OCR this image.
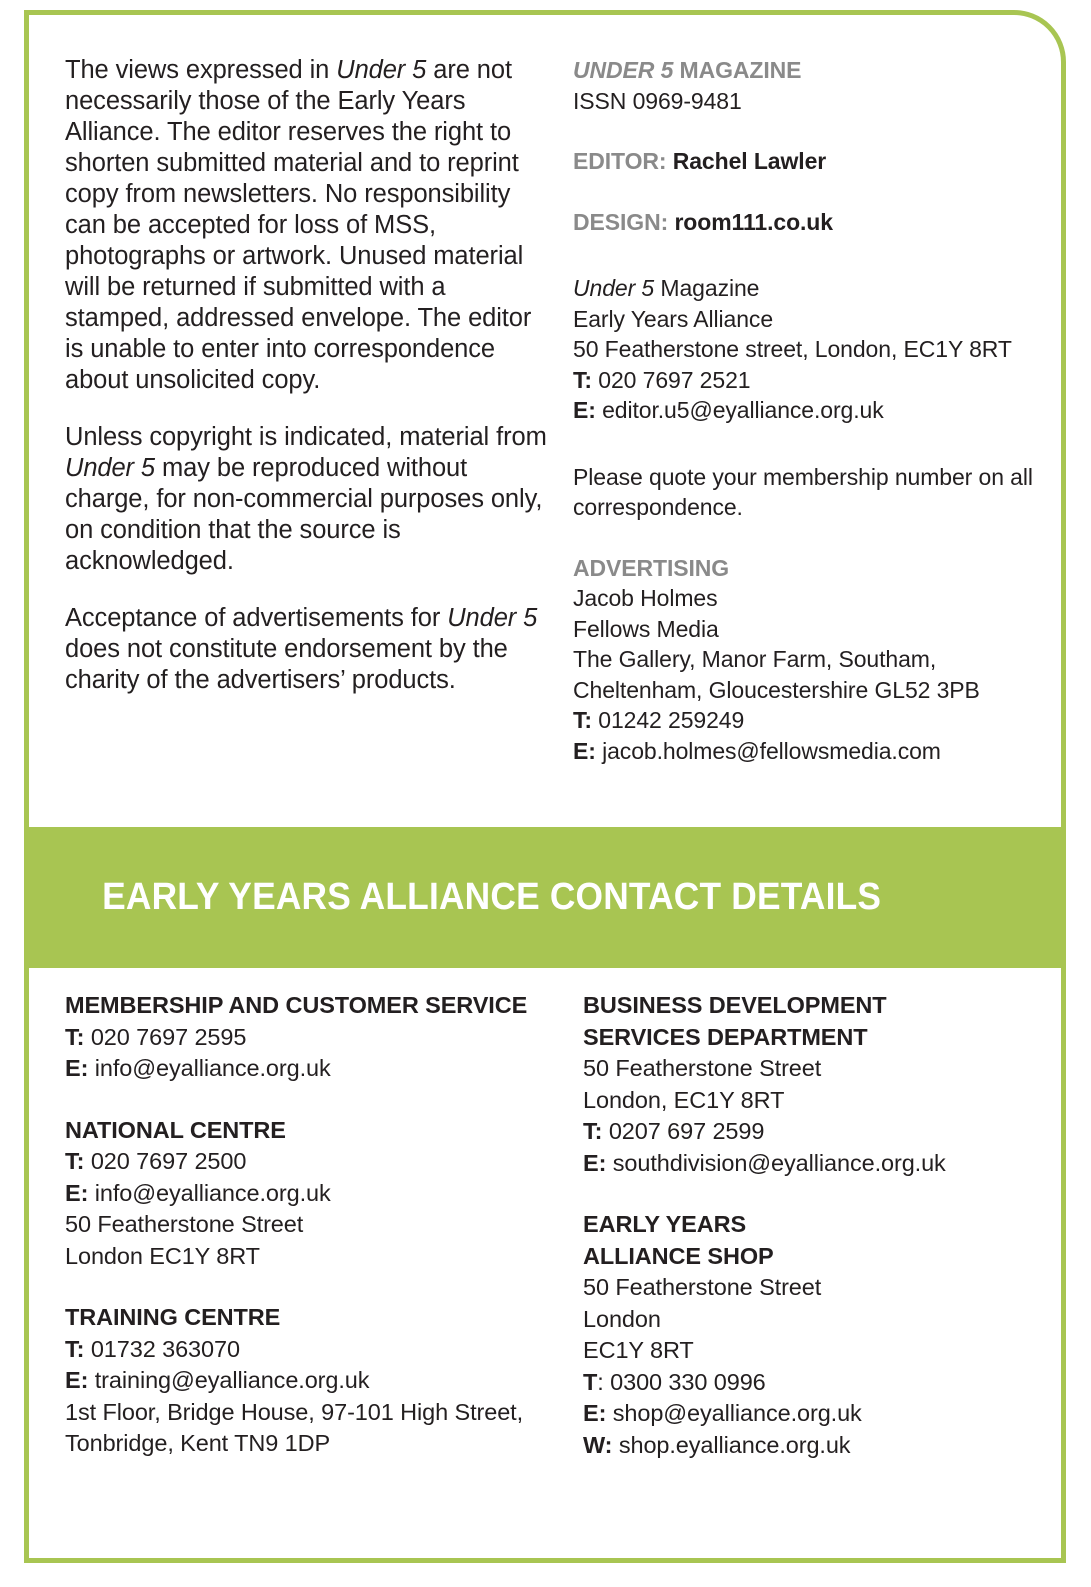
The views expressed in Under 5 are not necessarily those of the Early Years Alliance. The editor reserves the right to shorten submitted material and to reprint copy from newsletters. No responsibility can be accepted for loss of MSS, photographs or artwork. Unused material will be returned if submitted with a stamped, addressed envelope. The editor is unable to enter into correspondence about unsolicited copy.

Unless copyright is indicated, material from Under 5 may be reproduced without charge, for non-commercial purposes only, on condition that the source is acknowledged.

Acceptance of advertisements for Under 5 does not constitute endorsement by the charity of the advertisers’ products.

UNDER 5 MAGAZINE

ISSN 0969-9481

EDITOR: Rachel Lawler

DESIGN: room111.co.uk

Under 5 Magazine

Early Years Alliance

50 Featherstone street, London, EC1Y 8RT

T: 020 7697 2521

E: editor.u5@eyalliance.org.uk

Please quote your membership number on all correspondence.

ADVERTISING

Jacob Holmes

Fellows Media

The Gallery, Manor Farm, Southam,

Cheltenham, Gloucestershire GL52 3PB

T: 01242 259249

E: jacob.holmes@fellowsmedia.com

EARLY YEARS ALLIANCE CONTACT DETAILS

MEMBERSHIP AND CUSTOMER SERVICE

T: 020 7697 2595

E: info@eyalliance.org.uk

NATIONAL CENTRE

T: 020 7697 2500

E: info@eyalliance.org.uk

50 Featherstone Street

London EC1Y 8RT

TRAINING CENTRE

T: 01732 363070

E: training@eyalliance.org.uk

1st Floor, Bridge House, 97-101 High Street,

Tonbridge, Kent TN9 1DP

BUSINESS DEVELOPMENT

SERVICES DEPARTMENT

50 Featherstone Street

London, EC1Y 8RT

T: 0207 697 2599

E: southdivision@eyalliance.org.uk

EARLY YEARS

ALLIANCE SHOP

50 Featherstone Street

London

EC1Y 8RT

T: 0300 330 0996

E: shop@eyalliance.org.uk

W: shop.eyalliance.org.uk
